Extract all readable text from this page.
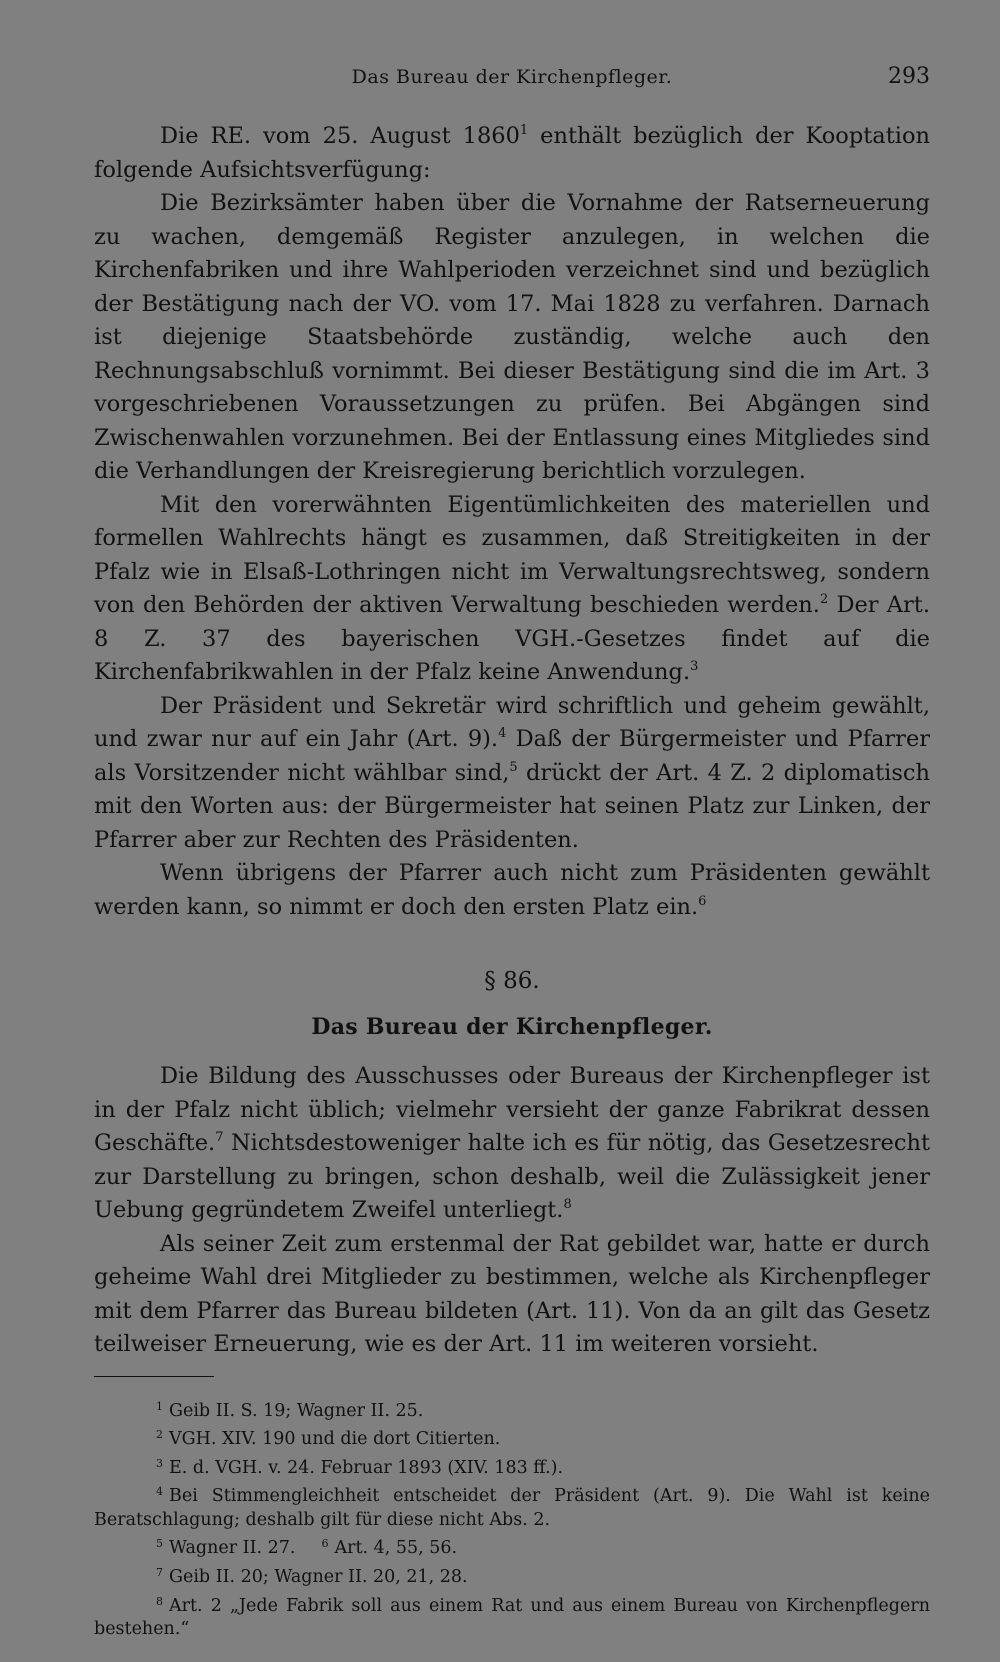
Das Bureau der Kirchenpfleger.	293

Die RE. vom 25. August 1860$^1$ enthält bezüglich der Kooptation folgende Aufsichtsverfügung:

Die Bezirksämter haben über die Vornahme der Ratserneuerung zu wachen, demgemäß Register anzulegen, in welchen die Kirchenfabriken und ihre Wahlperioden verzeichnet sind und bezüglich der Bestätigung nach der VO. vom 17. Mai 1828 zu verfahren. Darnach ist diejenige Staatsbehörde zuständig, welche auch den Rechnungsabschluß vornimmt. Bei dieser Bestätigung sind die im Art. 3 vorgeschriebenen Voraussetzungen zu prüfen. Bei Abgängen sind Zwischenwahlen vorzunehmen. Bei der Entlassung eines Mitgliedes sind die Verhandlungen der Kreisregierung berichtlich vorzulegen.

Mit den vorerwähnten Eigentümlichkeiten des materiellen und formellen Wahlrechts hängt es zusammen, daß Streitigkeiten in der Pfalz wie in Elsaß-Lothringen nicht im Verwaltungsrechtsweg, sondern von den Behörden der aktiven Verwaltung beschieden werden.$^2$ Der Art. 8 Z. 37 des bayerischen VGH.-Gesetzes findet auf die Kirchenfabrikwahlen in der Pfalz keine Anwendung.$^3$

Der Präsident und Sekretär wird schriftlich und geheim gewählt, und zwar nur auf ein Jahr (Art. 9).$^4$ Daß der Bürgermeister und Pfarrer als Vorsitzender nicht wählbar sind,$^5$ drückt der Art. 4 Z. 2 diplomatisch mit den Worten aus: der Bürgermeister hat seinen Platz zur Linken, der Pfarrer aber zur Rechten des Präsidenten.

Wenn übrigens der Pfarrer auch nicht zum Präsidenten gewählt werden kann, so nimmt er doch den ersten Platz ein.$^6$

§ 86.
Das Bureau der Kirchenpfleger.

Die Bildung des Ausschusses oder Bureaus der Kirchenpfleger ist in der Pfalz nicht üblich; vielmehr versieht der ganze Fabrikrat dessen Geschäfte.$^7$ Nichtsdestoweniger halte ich es für nötig, das Gesetzesrecht zur Darstellung zu bringen, schon deshalb, weil die Zulässigkeit jener Uebung gegründetem Zweifel unterliegt.$^8$

Als seiner Zeit zum erstenmal der Rat gebildet war, hatte er durch geheime Wahl drei Mitglieder zu bestimmen, welche als Kirchenpfleger mit dem Pfarrer das Bureau bildeten (Art. 11). Von da an gilt das Gesetz teilweiser Erneuerung, wie es der Art. 11 im weiteren vorsieht.

$^1$ Geib II. S. 19; Wagner II. 25.

$^2$ VGH. XIV. 190 und die dort Citierten.

$^3$ E. d. VGH. v. 24. Februar 1893 (XIV. 183 ff.).

$^4$ Bei Stimmengleichheit entscheidet der Präsident (Art. 9). Die Wahl ist keine Beratschlagung; deshalb gilt für diese nicht Abs. 2.

$^5$ Wagner II. 27. $^6$ Art. 4, 55, 56.

$^7$ Geib II. 20; Wagner II. 20, 21, 28.

$^8$ Art. 2 „Jede Fabrik soll aus einem Rat und aus einem Bureau von Kirchenpflegern bestehen.“
